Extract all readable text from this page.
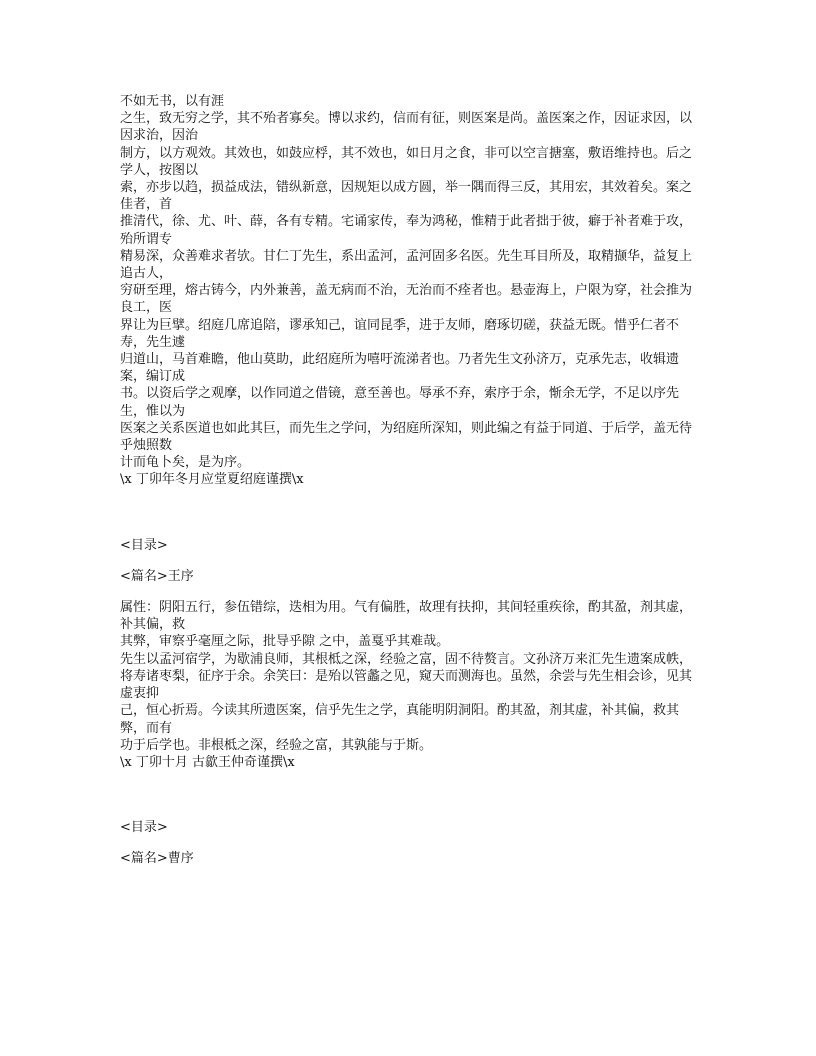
不如无书，以有涯
之生，致无穷之学，其不殆者寡矣。博以求约，信而有征，则医案是尚。盖医案之作，因证求因，以因求治，因治
制方，以方观效。其效也，如鼓应桴，其不效也，如日月之食，非可以空言搪塞，敷语维持也。后之学人，按图以
索，亦步以趋，损益成法，错纵新意，因规矩以成方圆，举一隅而得三反，其用宏，其效着矣。案之佳者，首
推清代，徐、尤、叶、薛，各有专精。宅诵家传，奉为鸿秘，惟精于此者拙于彼，癖于补者难于攻，殆所谓专
精易深，众善难求者欤。甘仁丁先生，系出孟河，孟河固多名医。先生耳目所及，取精撷华，益复上追古人，
穷研至理，熔古铸今，内外兼善，盖无病而不治，无治而不痊者也。悬壶海上，户限为穿，社会推为良工，医
界让为巨擘。绍庭几席追陪，谬承知己，谊同昆季，进于友师，磨琢切磋，获益无既。惜乎仁者不寿，先生遽
归道山，马首难瞻，他山莫助，此绍庭所为嘻吁流涕者也。乃者先生文孙济万，克承先志，收辑遗案，编订成
书。以资后学之观摩，以作同道之借镜，意至善也。辱承不弃，索序于余，惭余无学，不足以序先生，惟以为
医案之关系医道也如此其巨，而先生之学问，为绍庭所深知，则此编之有益于同道、于后学，盖无待乎烛照数
计而龟卜矣，是为序。
\x 丁卯年冬月应堂夏绍庭谨撰\x
<目录>
<篇名>王序
属性：阴阳五行，参伍错综，迭相为用。气有偏胜，故理有扶抑，其间轻重疾徐，酌其盈，剂其虚，补其偏，救
其弊，审察乎毫厘之际，批导乎隙 之中，盖戛乎其难哉。
先生以孟河宿学，为歇浦良师，其根柢之深，经验之富，固不待赘言。文孙济万来汇先生遗案成帙，
将寿诸枣梨，征序于余。余笑曰：是殆以管蠡之见，窥天而测海也。虽然，余尝与先生相会诊，见其虚衷抑
己，恒心折焉。今读其所遗医案，信乎先生之学，真能明阴洞阳。酌其盈，剂其虚，补其偏，救其弊，而有
功于后学也。非根柢之深，经验之富，其孰能与于斯。
\x 丁卯十月 古歙王仲奇谨撰\x
<目录>
<篇名>曹序
